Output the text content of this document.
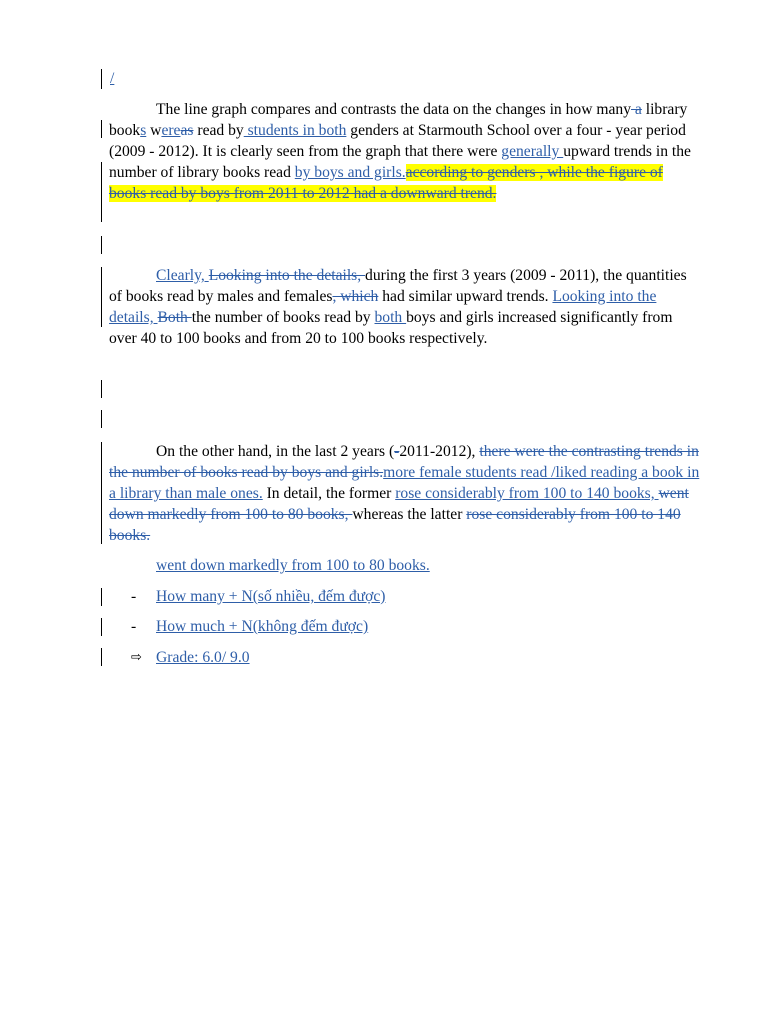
/

The line graph compares and contrasts the data on the changes in how many a library books wereas read by students in both genders at Starmouth School over a four - year period (2009 - 2012). It is clearly seen from the graph that there were generally upward trends in the number of library books read by boys and girls.according to genders , while the figure of books read by boys from 2011 to 2012 had a downward trend.

Clearly, Looking into the details, during the first 3 years (2009 - 2011), the quantities of books read by males and females, which had similar upward trends. Looking into the details, Both the number of books read by both boys and girls increased significantly from over 40 to 100 books and from 20 to 100 books respectively.

On the other hand, in the last 2 years (-2011-2012), there were the contrasting trends in the number of books read by boys and girls.more female students read /liked reading a book in a library than male ones. In detail, the former rose considerably from 100 to 140 books, went down markedly from 100 to 80 books, whereas the latter rose considerably from 100 to 140 books.

went down markedly from 100 to 80 books.
- How many + N(số nhiều, đếm được)
- How much + N(không đếm được)
⇨ Grade: 6.0/ 9.0
